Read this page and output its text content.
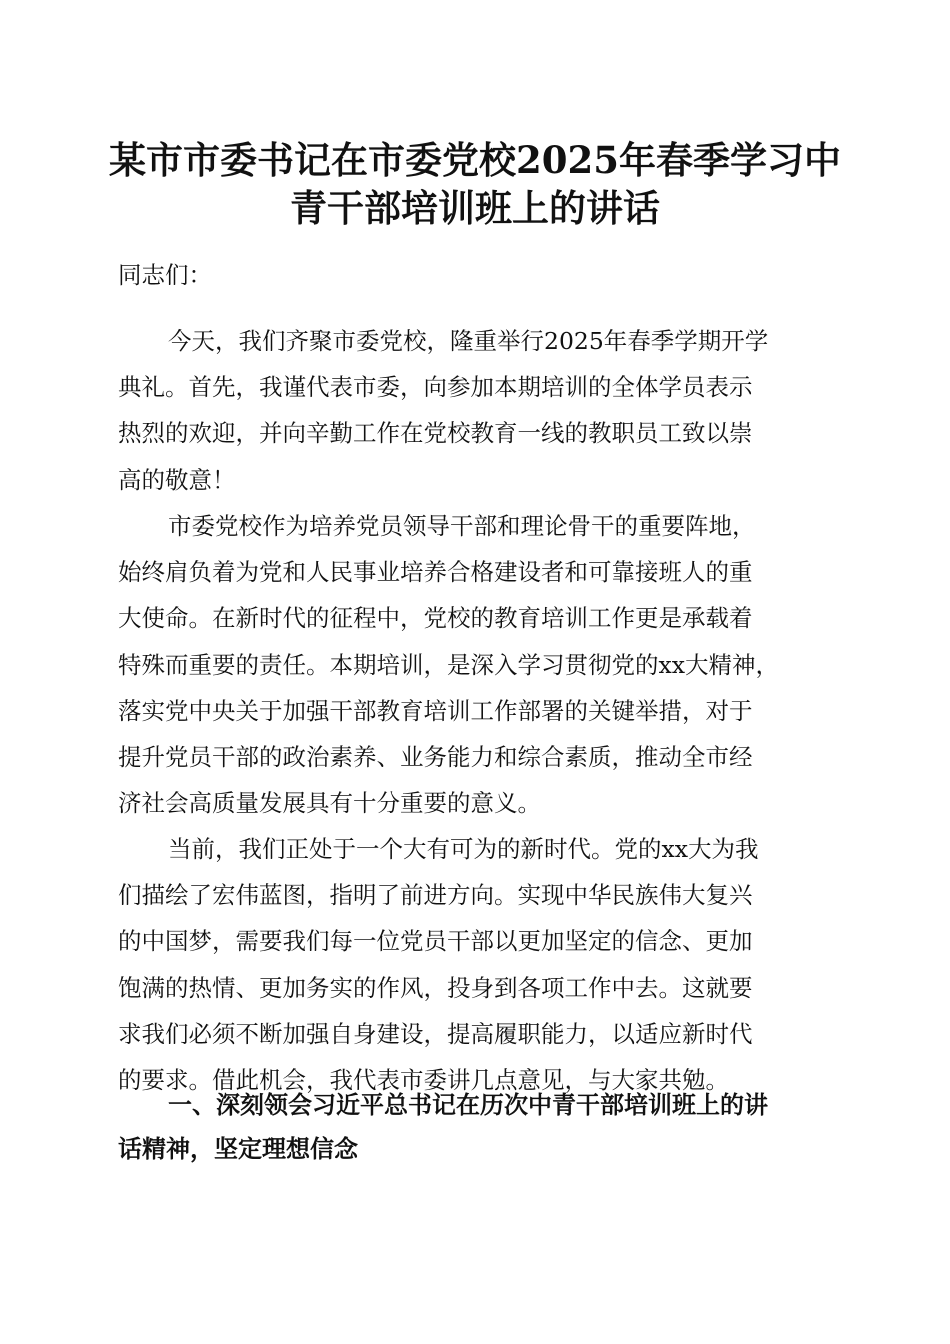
某市市委书记在市委党校2025年春季学习中
青干部培训班上的讲话
同志们：
今天，我们齐聚市委党校，隆重举行2025年春季学期开学
典礼。首先，我谨代表市委，向参加本期培训的全体学员表示
热烈的欢迎，并向辛勤工作在党校教育一线的教职员工致以崇
高的敬意！
市委党校作为培养党员领导干部和理论骨干的重要阵地，
始终肩负着为党和人民事业培养合格建设者和可靠接班人的重
大使命。在新时代的征程中，党校的教育培训工作更是承载着
特殊而重要的责任。本期培训，是深入学习贯彻党的xx大精神，
落实党中央关于加强干部教育培训工作部署的关键举措，对于
提升党员干部的政治素养、业务能力和综合素质，推动全市经
济社会高质量发展具有十分重要的意义。
当前，我们正处于一个大有可为的新时代。党的xx大为我
们描绘了宏伟蓝图，指明了前进方向。实现中华民族伟大复兴
的中国梦，需要我们每一位党员干部以更加坚定的信念、更加
饱满的热情、更加务实的作风，投身到各项工作中去。这就要
求我们必须不断加强自身建设，提高履职能力，以适应新时代
的要求。借此机会，我代表市委讲几点意见，与大家共勉。
一、深刻领会习近平总书记在历次中青干部培训班上的讲
话精神，坚定理想信念
